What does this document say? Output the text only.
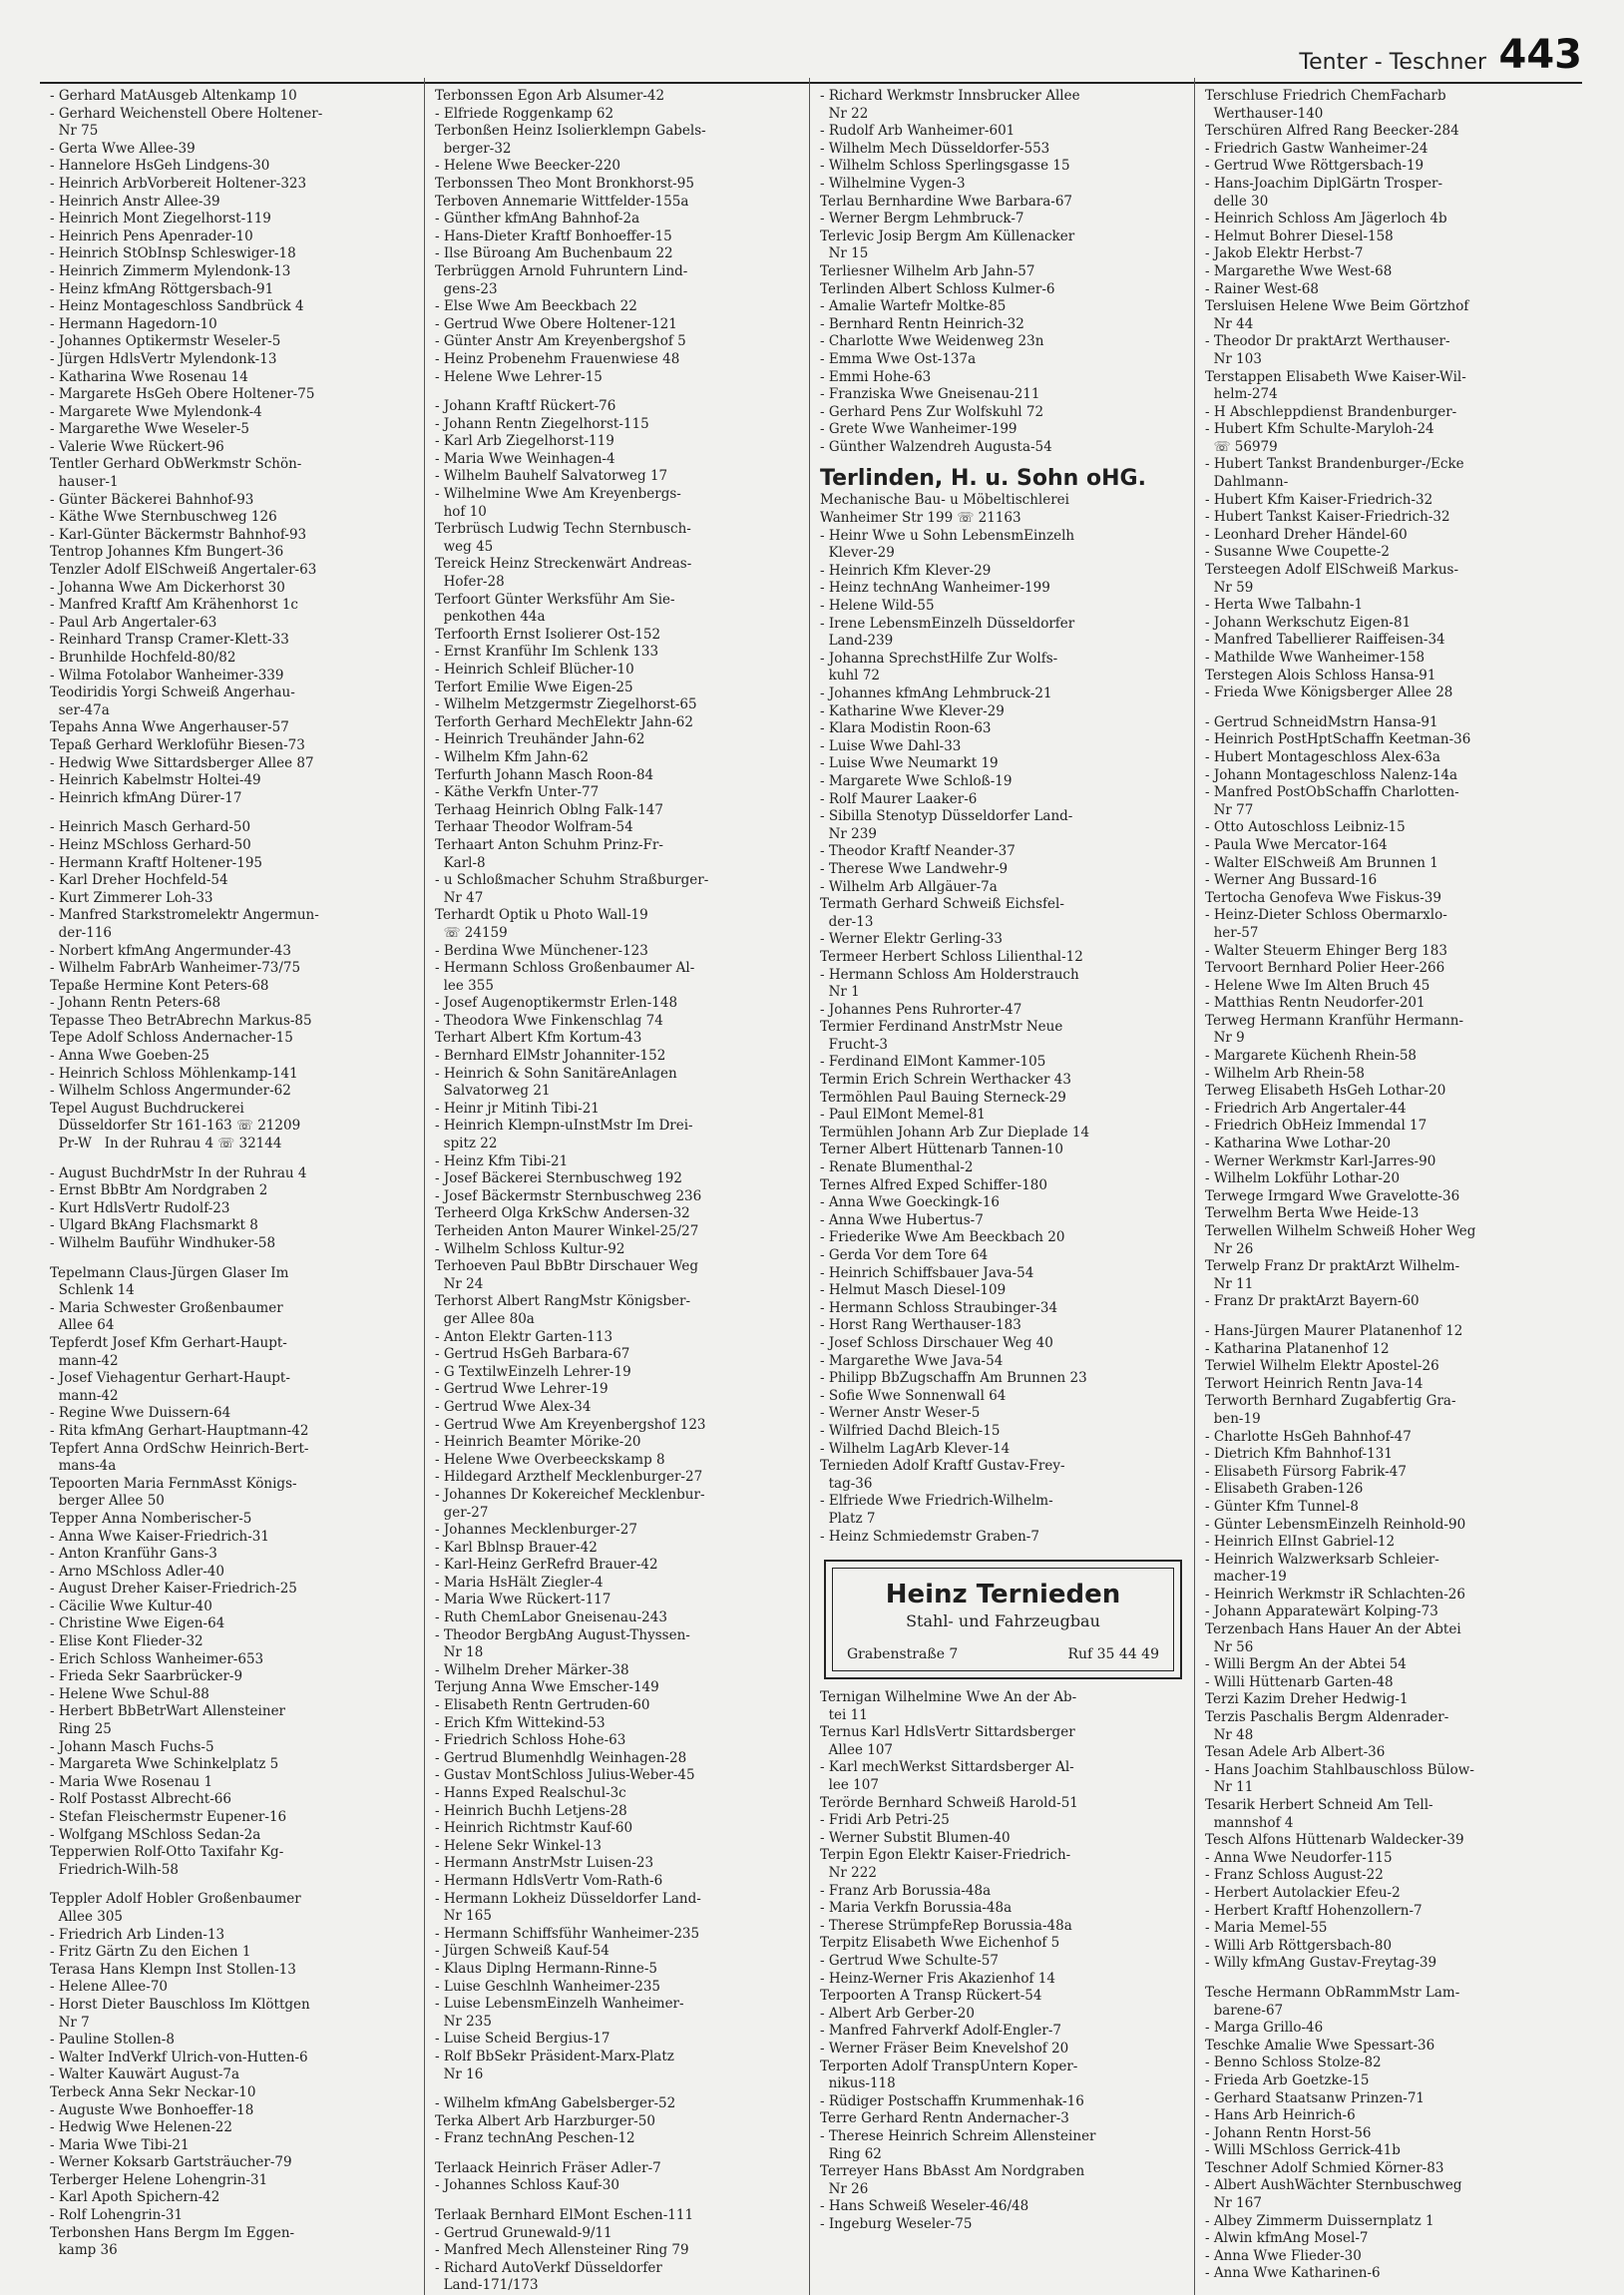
Tenter - Teschner 443
- Gerhard MatAusgeb Altenkamp 10
- Gerhard Weichenstell Obere Holtener-
Nr 75
- Gerta Wwe Allee-39
- Hannelore HsGeh Lindgens-30
- Heinrich ArbVorbereit Holtener-323
- Heinrich Anstr Allee-39
- Heinrich Mont Ziegelhorst-119
- Heinrich Pens Apenrader-10
- Heinrich StObInsp Schleswiger-18
- Heinrich Zimmerm Mylendonk-13
- Heinz kfmAng Röttgersbach-91
- Heinz Montageschloss Sandbrück 4
- Hermann Hagedorn-10
- Johannes Optikermstr Weseler-5
- Jürgen HdlsVertr Mylendonk-13
- Katharina Wwe Rosenau 14
- Margarete HsGeh Obere Holtener-75
- Margarete Wwe Mylendonk-4
- Margarethe Wwe Weseler-5
- Valerie Wwe Rückert-96
Tentler Gerhard ObWerkmstr Schön-
hauser-1
- Günter Bäckerei Bahnhof-93
- Käthe Wwe Sternbuschweg 126
- Karl-Günter Bäckermstr Bahnhof-93
Tentrop Johannes Kfm Bungert-36
Tenzler Adolf ElSchweiß Angertaler-63
- Johanna Wwe Am Dickerhorst 30
- Manfred Kraftf Am Krähenhorst 1c
- Paul Arb Angertaler-63
- Reinhard Transp Cramer-Klett-33
- Brunhilde Hochfeld-80/82
- Wilma Fotolabor Wanheimer-339
Teodiridis Yorgi Schweiß Angerhau-
ser-47a
Tepahs Anna Wwe Angerhauser-57
Tepaß Gerhard Werkloführ Biesen-73
- Hedwig Wwe Sittardsberger Allee 87
- Heinrich Kabelmstr Holtei-49
- Heinrich kfmAng Dürer-17
- Heinrich Masch Gerhard-50
- Heinz MSchloss Gerhard-50
- Hermann Kraftf Holtener-195
- Karl Dreher Hochfeld-54
- Kurt Zimmerer Loh-33
- Manfred Starkstromelektr Angermun-
der-116
- Norbert kfmAng Angermunder-43
- Wilhelm FabrArb Wanheimer-73/75
Tepaße Hermine Kont Peters-68
- Johann Rentn Peters-68
Tepasse Theo BetrAbrechn Markus-85
Tepe Adolf Schloss Andernacher-15
- Anna Wwe Goeben-25
- Heinrich Schloss Möhlenkamp-141
- Wilhelm Schloss Angermunder-62
Tepel August Buchdruckerei
Düsseldorfer Str 161-163 ☏ 21209
Pr-W   In der Ruhrau 4 ☏ 32144
- August BuchdrMstr In der Ruhrau 4
- Ernst BbBtr Am Nordgraben 2
- Kurt HdlsVertr Rudolf-23
- Ulgard BkAng Flachsmarkt 8
- Wilhelm Bauführ Windhuker-58
Tepelmann Claus-Jürgen Glaser Im
Schlenk 14
- Maria Schwester Großenbaumer
Allee 64
Tepferdt Josef Kfm Gerhart-Haupt-
mann-42
- Josef Viehagentur Gerhart-Haupt-
mann-42
- Regine Wwe Duissern-64
- Rita kfmAng Gerhart-Hauptmann-42
Tepfert Anna OrdSchw Heinrich-Bert-
mans-4a
Tepoorten Maria FernmAsst Königs-
berger Allee 50
Tepper Anna Nomberischer-5
- Anna Wwe Kaiser-Friedrich-31
- Anton Kranführ Gans-3
- Arno MSchloss Adler-40
- August Dreher Kaiser-Friedrich-25
- Cäcilie Wwe Kultur-40
- Christine Wwe Eigen-64
- Elise Kont Flieder-32
- Erich Schloss Wanheimer-653
- Frieda Sekr Saarbrücker-9
- Helene Wwe Schul-88
- Herbert BbBetrWart Allensteiner
Ring 25
- Johann Masch Fuchs-5
- Margareta Wwe Schinkelplatz 5
- Maria Wwe Rosenau 1
- Rolf Postasst Albrecht-66
- Stefan Fleischermstr Eupener-16
- Wolfgang MSchloss Sedan-2a
Tepperwien Rolf-Otto Taxifahr Kg-
Friedrich-Wilh-58
Teppler Adolf Hobler Großenbaumer
Allee 305
- Friedrich Arb Linden-13
- Fritz Gärtn Zu den Eichen 1
Terasa Hans Klempn Inst Stollen-13
- Helene Allee-70
- Horst Dieter Bauschloss Im Klöttgen
Nr 7
- Pauline Stollen-8
- Walter IndVerkf Ulrich-von-Hutten-6
- Walter Kauwärt August-7a
Terbeck Anna Sekr Neckar-10
- Auguste Wwe Bonhoeffer-18
- Hedwig Wwe Helenen-22
- Maria Wwe Tibi-21
- Werner Koksarb Gartsträucher-79
Terberger Helene Lohengrin-31
- Karl Apoth Spichern-42
- Rolf Lohengrin-31
Terbonshen Hans Bergm Im Eggen-
kamp 36
Terbonssen Egon Arb Alsumer-42
- Elfriede Roggenkamp 62
Terbonßen Heinz Isolierklempn Gabels-
berger-32
- Helene Wwe Beecker-220
Terbonssen Theo Mont Bronkhorst-95
Terboven Annemarie Wittfelder-155a
- Günther kfmAng Bahnhof-2a
- Hans-Dieter Kraftf Bonhoeffer-15
- Ilse Büroang Am Buchenbaum 22
Terbrüggen Arnold Fuhruntern Lind-
gens-23
- Else Wwe Am Beeckbach 22
- Gertrud Wwe Obere Holtener-121
- Günter Anstr Am Kreyenbergshof 5
- Heinz Probenehm Frauenwiese 48
- Helene Wwe Lehrer-15
- Johann Kraftf Rückert-76
- Johann Rentn Ziegelhorst-115
- Karl Arb Ziegelhorst-119
- Maria Wwe Weinhagen-4
- Wilhelm Bauhelf Salvatorweg 17
- Wilhelmine Wwe Am Kreyenbergs-
hof 10
Terbrüsch Ludwig Techn Sternbusch-
weg 45
Tereick Heinz Streckenwärt Andreas-
Hofer-28
Terfoort Günter Werksführ Am Sie-
penkothen 44a
Terfoorth Ernst Isolierer Ost-152
- Ernst Kranführ Im Schlenk 133
- Heinrich Schleif Blücher-10
Terfort Emilie Wwe Eigen-25
- Wilhelm Metzgermstr Ziegelhorst-65
Terforth Gerhard MechElektr Jahn-62
- Heinrich Treuhänder Jahn-62
- Wilhelm Kfm Jahn-62
Terfurth Johann Masch Roon-84
- Käthe Verkfn Unter-77
Terhaag Heinrich Oblng Falk-147
Terhaar Theodor Wolfram-54
Terhaart Anton Schuhm Prinz-Fr-
Karl-8
- u Schloßmacher Schuhm Straßburger-
Nr 47
Terhardt Optik u Photo Wall-19
☏ 24159
- Berdina Wwe Münchener-123
- Hermann Schloss Großenbaumer Al-
lee 355
- Josef Augenoptikermstr Erlen-148
- Theodora Wwe Finkenschlag 74
Terhart Albert Kfm Kortum-43
- Bernhard ElMstr Johanniter-152
- Heinrich & Sohn SanitäreAnlagen
Salvatorweg 21
- Heinr jr Mitinh Tibi-21
- Heinrich Klempn-uInstMstr Im Drei-
spitz 22
- Heinz Kfm Tibi-21
- Josef Bäckerei Sternbuschweg 192
- Josef Bäckermstr Sternbuschweg 236
Terheerd Olga KrkSchw Andersen-32
Terheiden Anton Maurer Winkel-25/27
- Wilhelm Schloss Kultur-92
Terhoeven Paul BbBtr Dirschauer Weg
Nr 24
Terhorst Albert RangMstr Königsber-
ger Allee 80a
- Anton Elektr Garten-113
- Gertrud HsGeh Barbara-67
- G TextilwEinzelh Lehrer-19
- Gertrud Wwe Lehrer-19
- Gertrud Wwe Alex-34
- Gertrud Wwe Am Kreyenbergshof 123
- Heinrich Beamter Mörike-20
- Helene Wwe Overbeeckskamp 8
- Hildegard Arzthelf Mecklenburger-27
- Johannes Dr Kokereichef Mecklenbur-
ger-27
- Johannes Mecklenburger-27
- Karl Bblnsp Brauer-42
- Karl-Heinz GerRefrd Brauer-42
- Maria HsHält Ziegler-4
- Maria Wwe Rückert-117
- Ruth ChemLabor Gneisenau-243
- Theodor BergbAng August-Thyssen-
Nr 18
- Wilhelm Dreher Märker-38
Terjung Anna Wwe Emscher-149
- Elisabeth Rentn Gertruden-60
- Erich Kfm Wittekind-53
- Friedrich Schloss Hohe-63
- Gertrud Blumenhdlg Weinhagen-28
- Gustav MontSchloss Julius-Weber-45
- Hanns Exped Realschul-3c
- Heinrich Buchh Letjens-28
- Heinrich Richtmstr Kauf-60
- Helene Sekr Winkel-13
- Hermann AnstrMstr Luisen-23
- Hermann HdlsVertr Vom-Rath-6
- Hermann Lokheiz Düsseldorfer Land-
Nr 165
- Hermann Schiffsführ Wanheimer-235
- Jürgen Schweiß Kauf-54
- Klaus Diplng Hermann-Rinne-5
- Luise Geschlnh Wanheimer-235
- Luise LebensmEinzelh Wanheimer-
Nr 235
- Luise Scheid Bergius-17
- Rolf BbSekr Präsident-Marx-Platz
Nr 16
- Wilhelm kfmAng Gabelsberger-52
Terka Albert Arb Harzburger-50
- Franz technAng Peschen-12
Terlaack Heinrich Fräser Adler-7
- Johannes Schloss Kauf-30
Terlaak Bernhard ElMont Eschen-111
- Gertrud Grunewald-9/11
- Manfred Mech Allensteiner Ring 79
- Richard AutoVerkf Düsseldorfer
Land-171/173
- Richard Werkmstr Innsbrucker Allee
Nr 22
- Rudolf Arb Wanheimer-601
- Wilhelm Mech Düsseldorfer-553
- Wilhelm Schloss Sperlingsgasse 15
- Wilhelmine Vygen-3
Terlau Bernhardine Wwe Barbara-67
- Werner Bergm Lehmbruck-7
Terlevic Josip Bergm Am Küllenacker
Nr 15
Terliesner Wilhelm Arb Jahn-57
Terlinden Albert Schloss Kulmer-6
- Amalie Wartefr Moltke-85
- Bernhard Rentn Heinrich-32
- Charlotte Wwe Weidenweg 23n
- Emma Wwe Ost-137a
- Emmi Hohe-63
- Franziska Wwe Gneisenau-211
- Gerhard Pens Zur Wolfskuhl 72
- Grete Wwe Wanheimer-199
- Günther Walzendreh Augusta-54
Terlinden, H. u. Sohn oHG.
Mechanische Bau- u Möbeltischlerei
Wanheimer Str 199 ☏ 21163
- Heinr Wwe u Sohn LebensmEinzelh
Klever-29
- Heinrich Kfm Klever-29
- Heinz technAng Wanheimer-199
- Helene Wild-55
- Irene LebensmEinzelh Düsseldorfer
Land-239
- Johanna SprechstHilfe Zur Wolfs-
kuhl 72
- Johannes kfmAng Lehmbruck-21
- Katharine Wwe Klever-29
- Klara Modistin Roon-63
- Luise Wwe Dahl-33
- Luise Wwe Neumarkt 19
- Margarete Wwe Schloß-19
- Rolf Maurer Laaker-6
- Sibilla Stenotyp Düsseldorfer Land-
Nr 239
- Theodor Kraftf Neander-37
- Therese Wwe Landwehr-9
- Wilhelm Arb Allgäuer-7a
Termath Gerhard Schweiß Eichsfel-
der-13
- Werner Elektr Gerling-33
Termeer Herbert Schloss Lilienthal-12
- Hermann Schloss Am Holderstrauch
Nr 1
- Johannes Pens Ruhrorter-47
Termier Ferdinand AnstrMstr Neue
Frucht-3
- Ferdinand ElMont Kammer-105
Termin Erich Schrein Werthacker 43
Termöhlen Paul Bauing Sterneck-29
- Paul ElMont Memel-81
Termühlen Johann Arb Zur Dieplade 14
Terner Albert Hüttenarb Tannen-10
- Renate Blumenthal-2
Ternes Alfred Exped Schiffer-180
- Anna Wwe Goeckingk-16
- Anna Wwe Hubertus-7
- Friederike Wwe Am Beeckbach 20
- Gerda Vor dem Tore 64
- Heinrich Schiffsbauer Java-54
- Helmut Masch Diesel-109
- Hermann Schloss Straubinger-34
- Horst Rang Werthauser-183
- Josef Schloss Dirschauer Weg 40
- Margarethe Wwe Java-54
- Philipp BbZugschaffn Am Brunnen 23
- Sofie Wwe Sonnenwall 64
- Werner Anstr Weser-5
- Wilfried Dachd Bleich-15
- Wilhelm LagArb Klever-14
Ternieden Adolf Kraftf Gustav-Frey-
tag-36
- Elfriede Wwe Friedrich-Wilhelm-
Platz 7
- Heinz Schmiedemstr Graben-7
Heinz Ternieden
Stahl- und Fahrzeugbau
Grabenstraße 7	Ruf 35 44 49
Ternigan Wilhelmine Wwe An der Ab-
tei 11
Ternus Karl HdlsVertr Sittardsberger
Allee 107
- Karl mechWerkst Sittardsberger Al-
lee 107
Terörde Bernhard Schweiß Harold-51
- Fridi Arb Petri-25
- Werner Substit Blumen-40
Terpin Egon Elektr Kaiser-Friedrich-
Nr 222
- Franz Arb Borussia-48a
- Maria Verkfn Borussia-48a
- Therese StrümpfeRep Borussia-48a
Terpitz Elisabeth Wwe Eichenhof 5
- Gertrud Wwe Schulte-57
- Heinz-Werner Fris Akazienhof 14
Terpoorten A Transp Rückert-54
- Albert Arb Gerber-20
- Manfred Fahrverkf Adolf-Engler-7
- Werner Fräser Beim Knevelshof 20
Terporten Adolf TranspUntern Koper-
nikus-118
- Rüdiger Postschaffn Krummenhak-16
Terre Gerhard Rentn Andernacher-3
- Therese Heinrich Schreim Allensteiner
Ring 62
Terreyer Hans BbAsst Am Nordgraben
Nr 26
- Hans Schweiß Weseler-46/48
- Ingeburg Weseler-75
Terschluse Friedrich ChemFacharb
Werthauser-140
Terschüren Alfred Rang Beecker-284
- Friedrich Gastw Wanheimer-24
- Gertrud Wwe Röttgersbach-19
- Hans-Joachim DiplGärtn Trosper-
delle 30
- Heinrich Schloss Am Jägerloch 4b
- Helmut Bohrer Diesel-158
- Jakob Elektr Herbst-7
- Margarethe Wwe West-68
- Rainer West-68
Tersluisen Helene Wwe Beim Görtzhof
Nr 44
- Theodor Dr praktArzt Werthauser-
Nr 103
Terstappen Elisabeth Wwe Kaiser-Wil-
helm-274
- H Abschleppdienst Brandenburger-
- Hubert Kfm Schulte-Maryloh-24
☏ 56979
- Hubert Tankst Brandenburger-/Ecke
Dahlmann-
- Hubert Kfm Kaiser-Friedrich-32
- Hubert Tankst Kaiser-Friedrich-32
- Leonhard Dreher Händel-60
- Susanne Wwe Coupette-2
Tersteegen Adolf ElSchweiß Markus-
Nr 59
- Herta Wwe Talbahn-1
- Johann Werkschutz Eigen-81
- Manfred Tabellierer Raiffeisen-34
- Mathilde Wwe Wanheimer-158
Terstegen Alois Schloss Hansa-91
- Frieda Wwe Königsberger Allee 28
- Gertrud SchneidMstrn Hansa-91
- Heinrich PostHptSchaffn Keetman-36
- Hubert Montageschloss Alex-63a
- Johann Montageschloss Nalenz-14a
- Manfred PostObSchaffn Charlotten-
Nr 77
- Otto Autoschloss Leibniz-15
- Paula Wwe Mercator-164
- Walter ElSchweiß Am Brunnen 1
- Werner Ang Bussard-16
Tertocha Genofeva Wwe Fiskus-39
- Heinz-Dieter Schloss Obermarxlo-
her-57
- Walter Steuerm Ehinger Berg 183
Tervoort Bernhard Polier Heer-266
- Helene Wwe Im Alten Bruch 45
- Matthias Rentn Neudorfer-201
Terweg Hermann Kranführ Hermann-
Nr 9
- Margarete Küchenh Rhein-58
- Wilhelm Arb Rhein-58
Terweg Elisabeth HsGeh Lothar-20
- Friedrich Arb Angertaler-44
- Friedrich ObHeiz Immendal 17
- Katharina Wwe Lothar-20
- Werner Werkmstr Karl-Jarres-90
- Wilhelm Lokführ Lothar-20
Terwege Irmgard Wwe Gravelotte-36
Terwelhm Berta Wwe Heide-13
Terwellen Wilhelm Schweiß Hoher Weg
Nr 26
Terwelp Franz Dr praktArzt Wilhelm-
Nr 11
- Franz Dr praktArzt Bayern-60
- Hans-Jürgen Maurer Platanenhof 12
- Katharina Platanenhof 12
Terwiel Wilhelm Elektr Apostel-26
Terwort Heinrich Rentn Java-14
Terworth Bernhard Zugabfertig Gra-
ben-19
- Charlotte HsGeh Bahnhof-47
- Dietrich Kfm Bahnhof-131
- Elisabeth Fürsorg Fabrik-47
- Elisabeth Graben-126
- Günter Kfm Tunnel-8
- Günter LebensmEinzelh Reinhold-90
- Heinrich ElInst Gabriel-12
- Heinrich Walzwerksarb Schleier-
macher-19
- Heinrich Werkmstr iR Schlachten-26
- Johann Apparatewärt Kolping-73
Terzenbach Hans Hauer An der Abtei
Nr 56
- Willi Bergm An der Abtei 54
- Willi Hüttenarb Garten-48
Terzi Kazim Dreher Hedwig-1
Terzis Paschalis Bergm Aldenrader-
Nr 48
Tesan Adele Arb Albert-36
- Hans Joachim Stahlbauschloss Bülow-
Nr 11
Tesarik Herbert Schneid Am Tell-
mannshof 4
Tesch Alfons Hüttenarb Waldecker-39
- Anna Wwe Neudorfer-115
- Franz Schloss August-22
- Herbert Autolackier Efeu-2
- Herbert Kraftf Hohenzollern-7
- Maria Memel-55
- Willi Arb Röttgersbach-80
- Willy kfmAng Gustav-Freytag-39
Tesche Hermann ObRammMstr Lam-
barene-67
- Marga Grillo-46
Teschke Amalie Wwe Spessart-36
- Benno Schloss Stolze-82
- Frieda Arb Goetzke-15
- Gerhard Staatsanw Prinzen-71
- Hans Arb Heinrich-6
- Johann Rentn Horst-56
- Willi MSchloss Gerrick-41b
Teschner Adolf Schmied Körner-83
- Albert AushWächter Sternbuschweg
Nr 167
- Albey Zimmerm Duissernplatz 1
- Alwin kfmAng Mosel-7
- Anna Wwe Flieder-30
- Anna Wwe Katharinen-6
